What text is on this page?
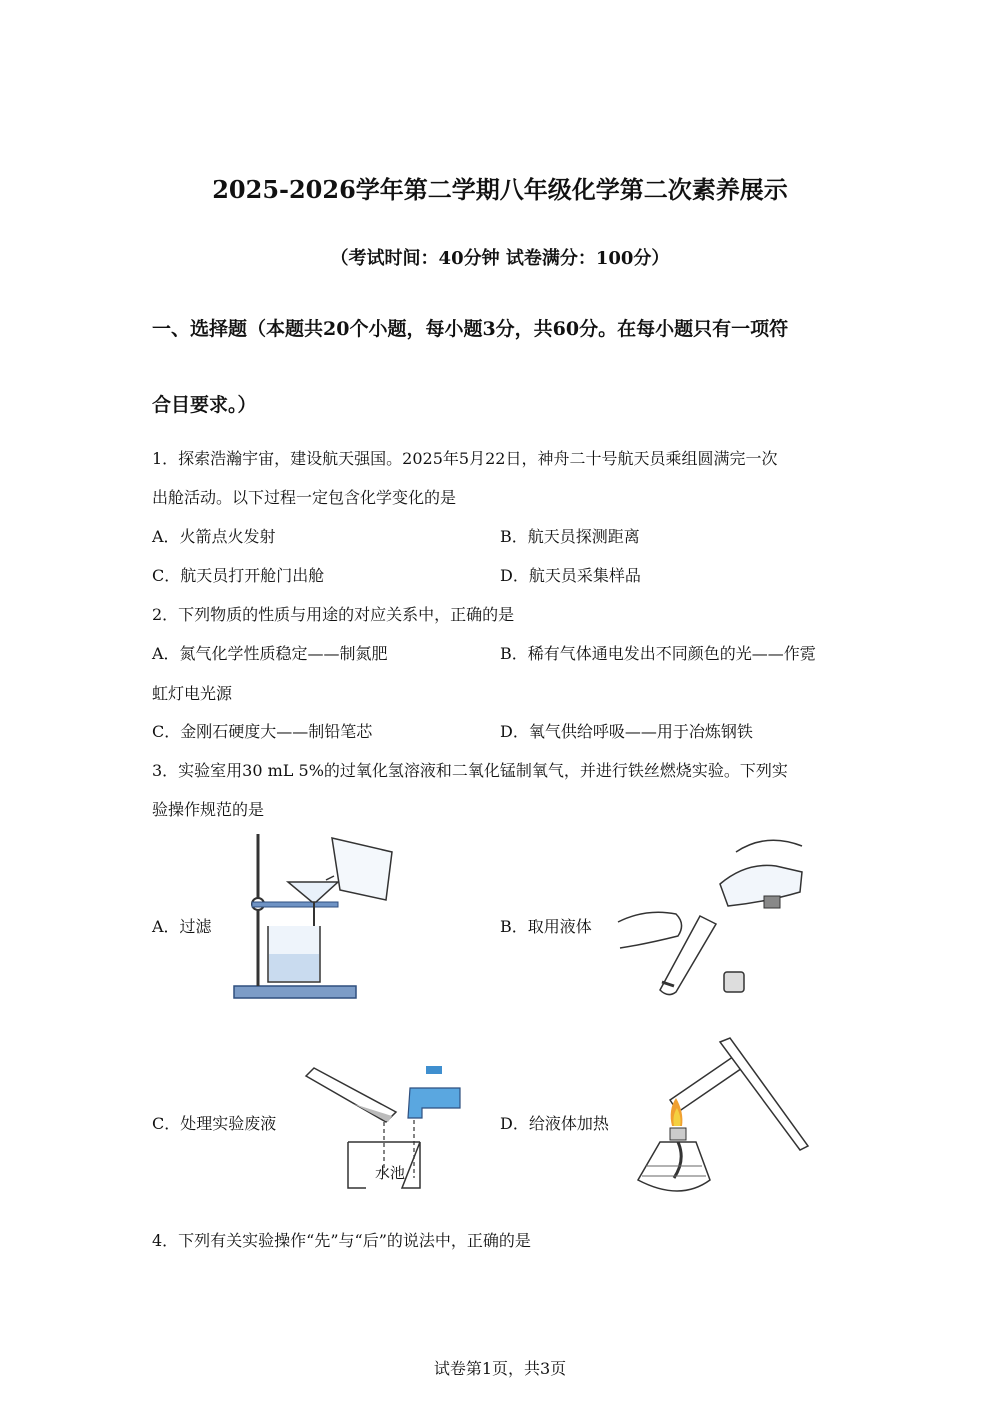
2025-2026学年第二学期八年级化学第二次素养展示
（考试时间：40分钟 试卷满分：100分）
一、选择题（本题共20个小题，每小题3分，共60分。在每小题只有一项符
合目要求。）
1．探索浩瀚宇宙，建设航天强国。2025年5月22日，神舟二十号航天员乘组圆满完一次
出舱活动。以下过程一定包含化学变化的是
A．火箭点火发射	B．航天员探测距离
C．航天员打开舱门出舱	D．航天员采集样品
2．下列物质的性质与用途的对应关系中，正确的是
A．氮气化学性质稳定——制氮肥	B．稀有气体通电发出不同颜色的光——作霓
虹灯电光源
C．金刚石硬度大——制铅笔芯	D．氧气供给呼吸——用于冶炼钢铁
3．实验室用30 mL 5%的过氧化氢溶液和二氧化锰制氧气，并进行铁丝燃烧实验。下列实
验操作规范的是
A．过滤	B．取用液体
C．处理实验废液	D．给液体加热
水池
4．下列有关实验操作“先”与“后”的说法中，正确的是
试卷第1页，共3页
